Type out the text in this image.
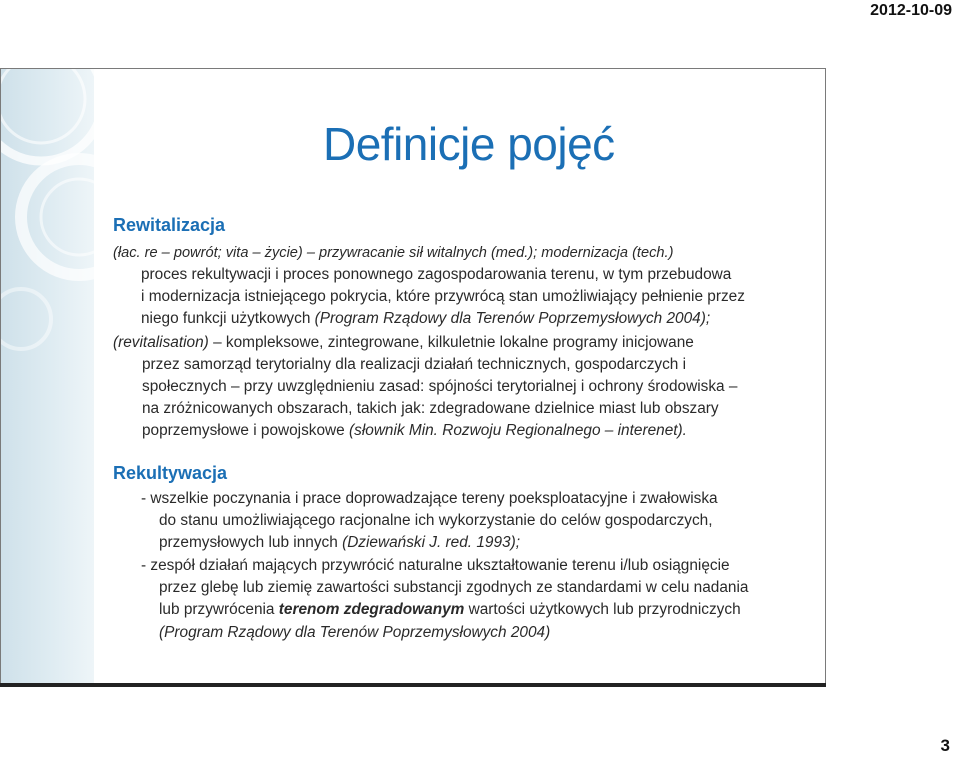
2012-10-09
Definicje pojęć
Rewitalizacja
(łac. re – powrót; vita – życie) – przywracanie sił witalnych (med.); modernizacja (tech.)
proces rekultywacji i proces ponownego zagospodarowania terenu, w tym przebudowa
i modernizacja istniejącego pokrycia, które przywrócą stan umożliwiający pełnienie przez
niego funkcji użytkowych (Program Rządowy dla Terenów Poprzemysłowych 2004);
(revitalisation) – kompleksowe, zintegrowane, kilkuletnie lokalne programy inicjowane
przez samorząd terytorialny dla realizacji działań technicznych, gospodarczych i
społecznych – przy uwzględnieniu zasad: spójności terytorialnej i ochrony środowiska –
na zróżnicowanych obszarach, takich jak: zdegradowane dzielnice miast lub obszary
poprzemysłowe i powojskowe (słownik Min. Rozwoju Regionalnego – interenet).
Rekultywacja
- wszelkie poczynania i prace doprowadzające tereny poeksploatacyjne i zwałowiska
do stanu umożliwiającego racjonalne ich wykorzystanie do celów gospodarczych,
przemysłowych lub innych (Dziewański J. red. 1993);
- zespół działań mających przywrócić naturalne ukształtowanie terenu i/lub osiągnięcie
przez glebę lub ziemię zawartości substancji zgodnych ze standardami w celu nadania
lub przywrócenia terenom zdegradowanym wartości użytkowych lub przyrodniczych
(Program Rządowy dla Terenów Poprzemysłowych 2004)
3
